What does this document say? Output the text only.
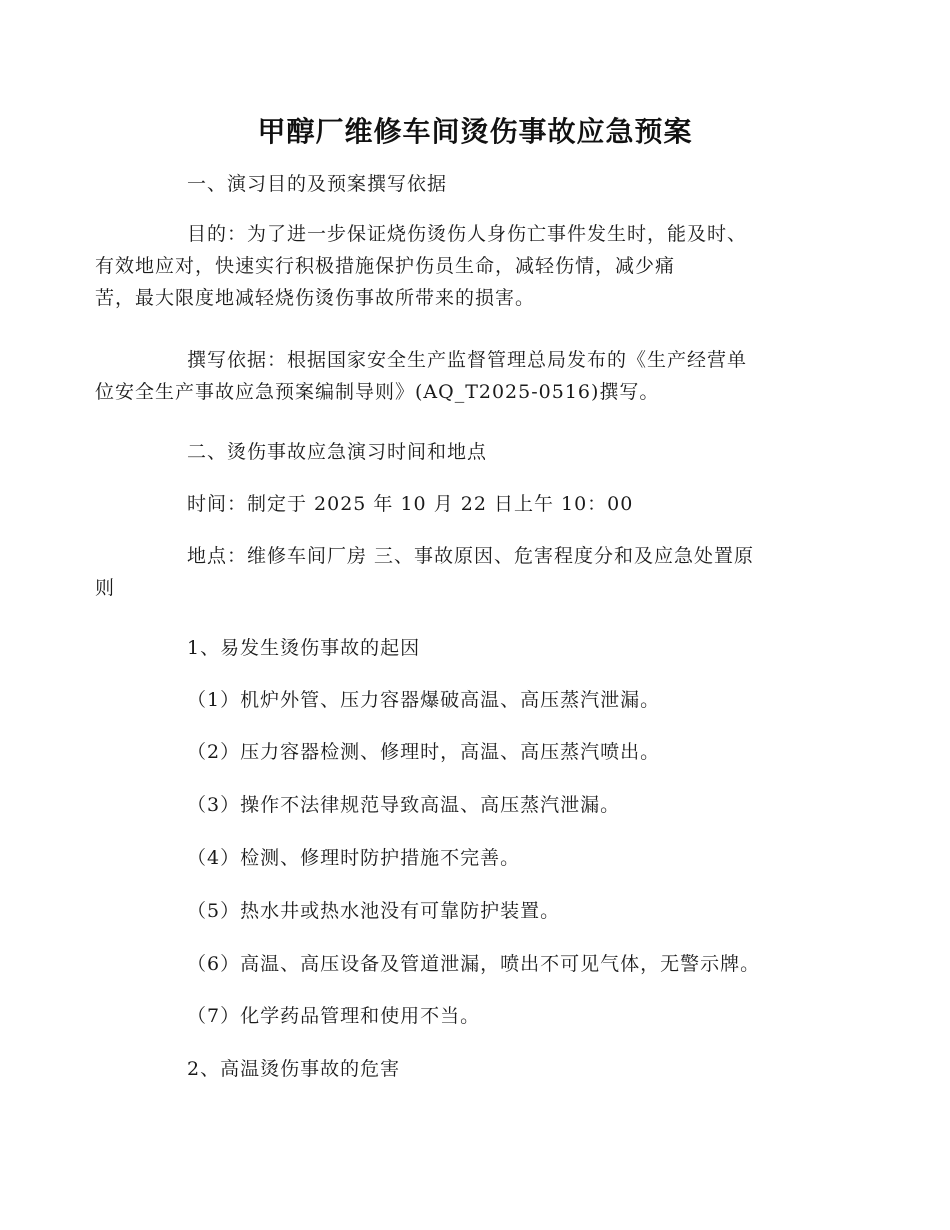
甲醇厂维修车间烫伤事故应急预案
一、演习目的及预案撰写依据
目的：为了进一步保证烧伤烫伤人身伤亡事件发生时，能及时、
有效地应对，快速实行积极措施保护伤员生命，减轻伤情，减少痛
苦，最大限度地减轻烧伤烫伤事故所带来的损害。
撰写依据：根据国家安全生产监督管理总局发布的《生产经营单
位安全生产事故应急预案编制导则》(AQ_T2025-0516)撰写。
二、烫伤事故应急演习时间和地点
时间：制定于 2025 年 10 月 22 日上午 10：00
地点：维修车间厂房 三、事故原因、危害程度分和及应急处置原
则
1、易发生烫伤事故的起因
（1）机炉外管、压力容器爆破高温、高压蒸汽泄漏。
（2）压力容器检测、修理时，高温、高压蒸汽喷出。
（3）操作不法律规范导致高温、高压蒸汽泄漏。
（4）检测、修理时防护措施不完善。
（5）热水井或热水池没有可靠防护装置。
（6）高温、高压设备及管道泄漏，喷出不可见气体，无警示牌。
（7）化学药品管理和使用不当。
2、高温烫伤事故的危害
